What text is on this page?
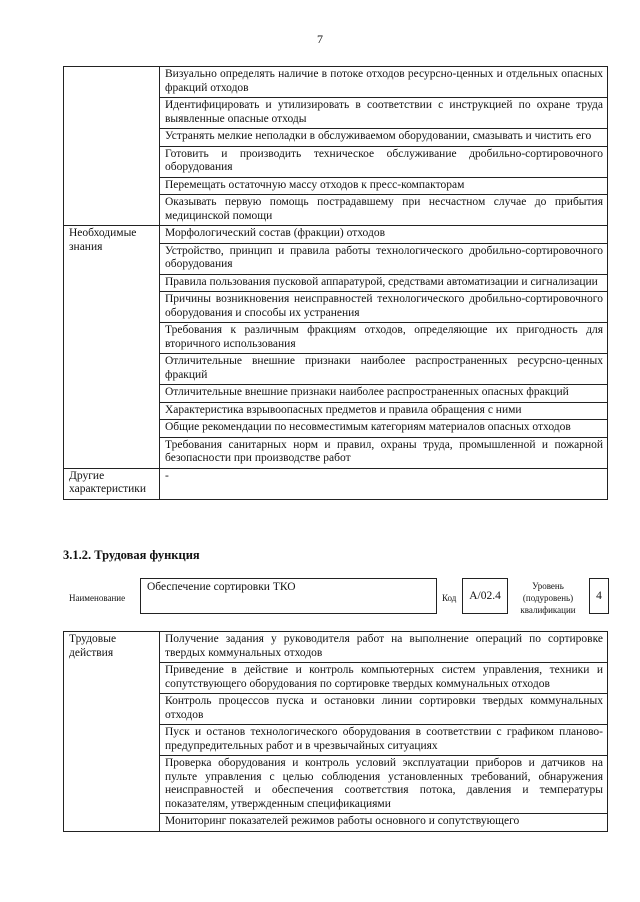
7
	Визуально определять наличие в потоке отходов ресурсно-ценных и отдельных опасных фракций отходов
	Идентифицировать и утилизировать в соответствии с инструкцией по охране труда выявленные опасные отходы
	Устранять мелкие неполадки в обслуживаемом оборудовании, смазывать и чистить его
	Готовить и производить техническое обслуживание дробильно-сортировочного оборудования
	Перемещать остаточную массу отходов к пресс-компакторам
	Оказывать первую помощь пострадавшему при несчастном случае до прибытия медицинской помощи
Необходимые знания	Морфологический состав (фракции) отходов
	Устройство, принцип и правила работы технологического дробильно-сортировочного оборудования
	Правила пользования пусковой аппаратурой, средствами автоматизации и сигнализации
	Причины возникновения неисправностей технологического дробильно-сортировочного оборудования и способы их устранения
	Требования к различным фракциям отходов, определяющие их пригодность для вторичного использования
	Отличительные внешние признаки наиболее распространенных ресурсно-ценных фракций
	Отличительные внешние признаки наиболее распространенных опасных фракций
	Характеристика взрывоопасных предметов и правила обращения с ними
	Общие рекомендации по несовместимым категориям материалов опасных отходов
	Требования санитарных норм и правил, охраны труда, промышленной и пожарной безопасности при производстве работ
Другие характеристики	-
3.1.2. Трудовая функция
Наименование
Обеспечение сортировки ТКО
Код	А/02.4
Уровень
(подуровень)
квалификации
4
Трудовые действия	Получение задания у руководителя работ на выполнение операций по сортировке твердых коммунальных отходов
Приведение в действие и контроль компьютерных систем управления, техники и сопутствующего оборудования по сортировке твердых коммунальных отходов
Контроль процессов пуска и остановки линии сортировки твердых коммунальных отходов
Пуск и останов технологического оборудования в соответствии с графиком планово-предупредительных работ и в чрезвычайных ситуациях
Проверка оборудования и контроль условий эксплуатации приборов и датчиков на пульте управления с целью соблюдения установленных требований, обнаружения неисправностей и обеспечения соответствия потока, давления и температуры показателям, утвержденным спецификациями
Мониторинг показателей режимов работы основного и сопутствующего
